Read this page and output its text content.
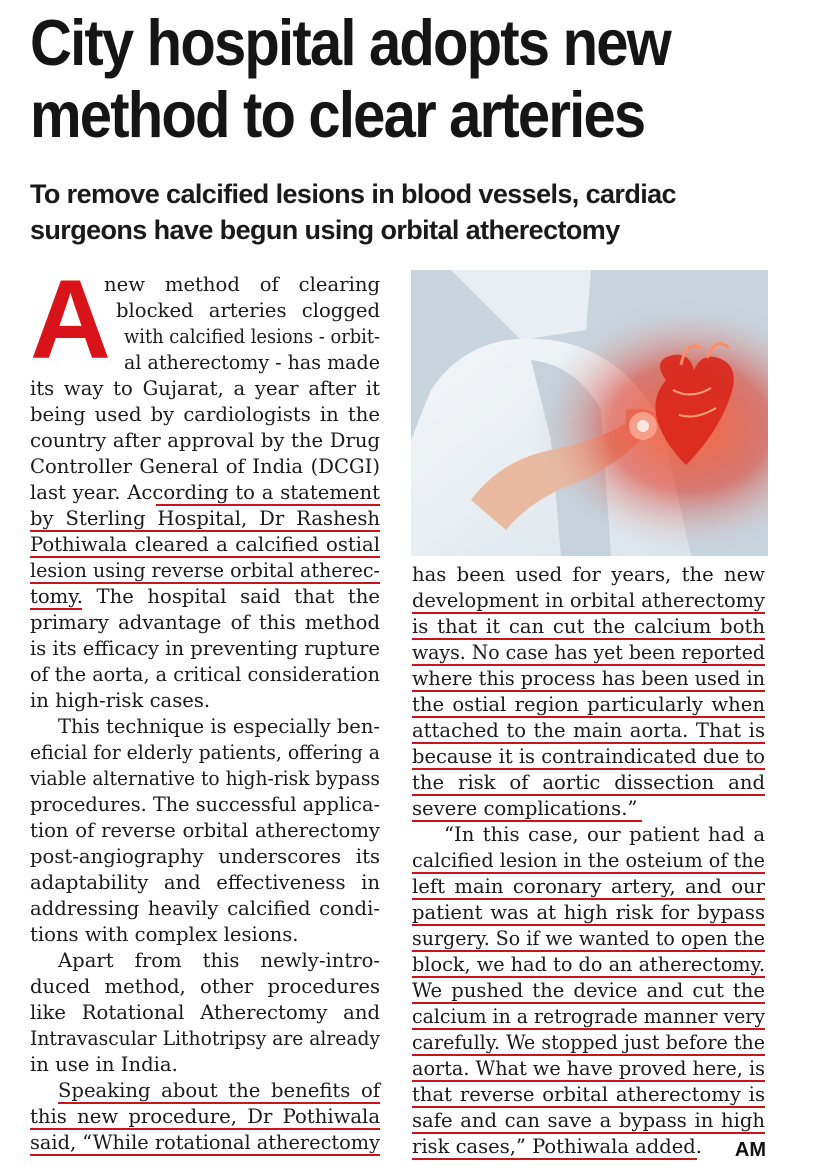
City hospital adopts new
method to clear arteries
To remove calcified lesions in blood vessels, cardiac
surgeons have begun using orbital atherectomy
A
new method of clearing
blocked arteries clogged
with calcified lesions - orbit-
al atherectomy - has made
its way to Gujarat, a year after it
being used by cardiologists in the
country after approval by the Drug
Controller General of India (DCGI)
last year. According to a statement
by Sterling Hospital, Dr Rashesh
Pothiwala cleared a calcified ostial
lesion using reverse orbital atherec-
tomy. The hospital said that the
primary advantage of this method
is its efficacy in preventing rupture
of the aorta, a critical consideration
in high-risk cases.
This technique is especially ben-
eficial for elderly patients, offering a
viable alternative to high-risk bypass
procedures. The successful applica-
tion of reverse orbital atherectomy
post-angiography underscores its
adaptability and effectiveness in
addressing heavily calcified condi-
tions with complex lesions.
Apart from this newly-intro-
duced method, other procedures
like Rotational Atherectomy and
Intravascular Lithotripsy are already
in use in India.
Speaking about the benefits of
this new procedure, Dr Pothiwala
said, “While rotational atherectomy
has been used for years, the new
development in orbital atherectomy
is that it can cut the calcium both
ways. No case has yet been reported
where this process has been used in
the ostial region particularly when
attached to the main aorta. That is
because it is contraindicated due to
the risk of aortic dissection and
severe complications.”
“In this case, our patient had a
calcified lesion in the osteium of the
left main coronary artery, and our
patient was at high risk for bypass
surgery. So if we wanted to open the
block, we had to do an atherectomy.
We pushed the device and cut the
calcium in a retrograde manner very
carefully. We stopped just before the
aorta. What we have proved here, is
that reverse orbital atherectomy is
safe and can save a bypass in high
risk cases,” Pothiwala added. AM
